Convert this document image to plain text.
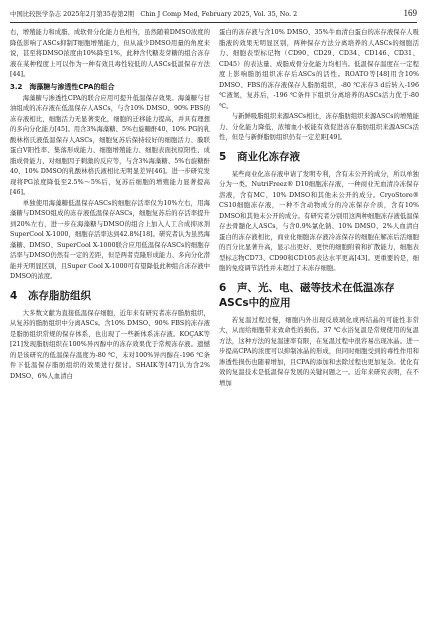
中国比较医学杂志 2025年2月第35卷第2期　Chin J Comp Med, February 2025, Vol. 35, No. 2	169

右，增殖能力和成脂、成软骨分化能力也相当，虽然随着DMSO浓度的降低影响了ASCs抑制T细胞增殖能力，但从减少DMSO用量的角度来说，甚至将DMSO浓度由10%降至1%，此种含代糖麦芽糖的组合冻存液在某种程度上可以作为一种有效且毒性较低的人ASCs低温保存方法[44]。

3.2　海藻糖与渗透性CPA的组合

海藻糖与渗透性CPA的联合应用可提升低温保存效果。海藻糖与甘油组成的冻存液在低温保存人ASCs，与含10% DMSO、90% FBS的冻存液相比，细胞活力无显著变化，细胞的迁移能力提高，并具有理想的多向分化能力[45]。用含3%海藻糖、5%右旋糖酐40、10% PG的乳酸林格氏液低温保存人ASCs，细胞复苏后保持较好的细胞活力、膜联蛋白V阳性率、集落形成能力、细胞增殖能力、细胞表面抗原阳性、成脂成骨能力、对细胞因子刺激的反应等，与含3%海藻糖、5%右旋糖酐40、10% DMSO的乳酸林格氏液相比无明显差异[46]。进一步研究发现将PG浓度降低至2.5%～5%后，复苏后细胞的增殖能力显著提高[46]。

单独使用海藻糖低温保存ASCs的细胞存活率仅为10%左右，用海藻糖与DMSO组成的冻存液低温保存ASCs，细胞复苏后的存活率提升到20%左右，进一步在海藻糖与DMSO的组合上加入人工合成抑冰剂SuperCool X-1000，细胞存活率达到42.8%[18]。研究者认为虽然海藻糖、DMSO、SuperCool X-1000联合应用低温保存ASCs的细胞存活率与DMSO仍然有一定的差距，但是两者克隆形成能力、多向分化潜能并无明显区别，且Super Cool X-1000可有望降低此种组合冻存液中DMSO的浓度。

4 冻存脂肪组织

大多数文献为直接低温保存细胞，近年来有研究者冻存脂肪组织，从复苏的脂肪组织中分离ASCs。含10% DMSO、90% FBS的冻存液是脂肪组织常规的保存体系，也出现了一些新体系冻存液。KOÇAK等[21]发现脂肪组织在100%异丙醇中的冻存效果优于常规冻存液。遗憾的是该研究的低温保存温度为-80 ℃，未对100%异丙醇在-196 ℃条件下低温保存脂肪组织的效果进行探讨。SHAIK等[47]认为含2% DMSO、6%人血清白

蛋白的冻存液与含10% DMSO、35%牛血清白蛋白的冻存液保存人吸脂液的效果无明显区别，两种保存方法分离培养的人ASCs的细胞活力、细胞表型标记物（CD90、CD29、CD34、CD146、CD31、CD45）的表达量、成脂成骨分化能力均相当。低温保存温度在一定程度上影响脂肪组织冻存后ASCs的活性。ROATO等[48]用含10% DMSO、FBS的冻存液保存人脂肪组织，-80 ℃冻存3 d后转入-196 ℃液氮，复苏后，-196 ℃条件下组织分离培养的ASCs活力优于-80 ℃。

与新鲜吸脂组织来源ASCs相比，冻存脂肪组织来源ASCs的增殖能力、分化能力降低，浓缩血小板能有效促进冻存脂肪组织来源ASCs活性，但是与新鲜脂肪组织仍有一定差距[49]。

5 商业化冻存液

某些商业化冻存液申请了发明专利，含有未公开的成分，所以单独分为一类。NutriFreez® D10细胞冻存液，一种商业无血清冷冻保存溶液，含有MC、10% DMSO和其他未公开的成分。CryoStore® CS10细胞冻存液，一种不含动物成分的冷冻保存介质，含有10% DMSO和其他未公开的成分。有研究者分别用这两种细胞冻存液低温保存去骨髓化人ASCs，与含0.9%氯化钠、10% DMSO、2%人血清白蛋白的冻存液相比，商业化细胞冻存液冷冻保存的细胞在解冻后活细胞的百分比显著升高，显示出更好、更快的细胞附着和扩散能力，细胞表型标志物CD73、CD90和CD105表达水平更高[43]。更重要的是，细胞的免疫调节活性并未超过了未冻存细胞。

6 声、光、电、磁等技术在低温冻存
ASCs中的应用

若复温过程过慢，细胞内外出现反玻璃化或再结晶的可能性非常大，从而给细胞带来致命性的损伤。37 ℃水浴复温是常规使用的复温方法，这种方法的复温速率有限，在复温过程中很容易出现冰晶。进一步提高CPA的浓度可以抑制冰晶的形成，但同时细胞受到的毒性作用和渗透性损伤也随着增加，且CPA的添加和去除过程也更加复杂。优化有效的复温技术是低温保存发展的关键问题之一。近年来研究表明，在不增加
